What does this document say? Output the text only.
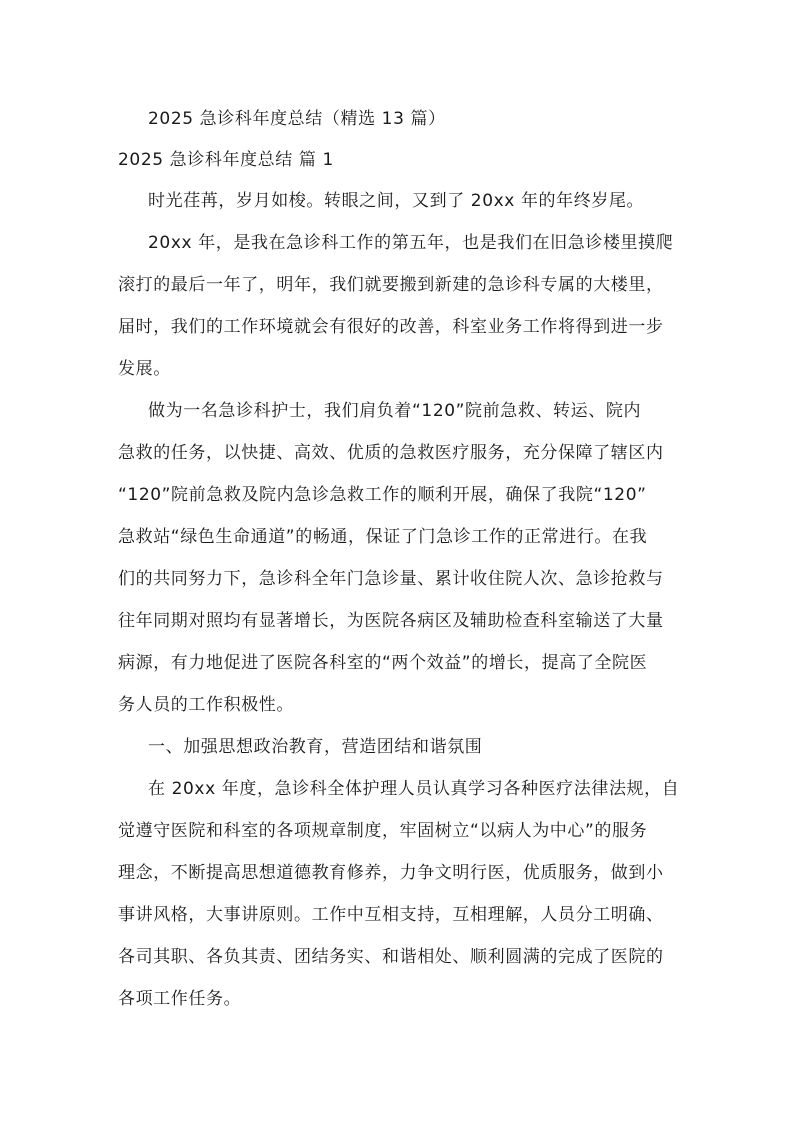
2025 急诊科年度总结（精选 13 篇）
2025 急诊科年度总结 篇 1
时光荏苒，岁月如梭。转眼之间，又到了 20xx 年的年终岁尾。
20xx 年，是我在急诊科工作的第五年，也是我们在旧急诊楼里摸爬
滚打的最后一年了，明年，我们就要搬到新建的急诊科专属的大楼里，
届时，我们的工作环境就会有很好的改善，科室业务工作将得到进一步
发展。
做为一名急诊科护士，我们肩负着“120”院前急救、转运、院内
急救的任务，以快捷、高效、优质的急救医疗服务，充分保障了辖区内
“120”院前急救及院内急诊急救工作的顺利开展，确保了我院“120”
急救站“绿色生命通道”的畅通，保证了门急诊工作的正常进行。在我
们的共同努力下，急诊科全年门急诊量、累计收住院人次、急诊抢救与
往年同期对照均有显著增长，为医院各病区及辅助检查科室输送了大量
病源，有力地促进了医院各科室的“两个效益”的增长，提高了全院医
务人员的工作积极性。
一、加强思想政治教育，营造团结和谐氛围
在 20xx 年度，急诊科全体护理人员认真学习各种医疗法律法规，自
觉遵守医院和科室的各项规章制度，牢固树立“以病人为中心”的服务
理念，不断提高思想道德教育修养，力争文明行医，优质服务，做到小
事讲风格，大事讲原则。工作中互相支持，互相理解，人员分工明确、
各司其职、各负其责、团结务实、和谐相处、顺利圆满的完成了医院的
各项工作任务。
